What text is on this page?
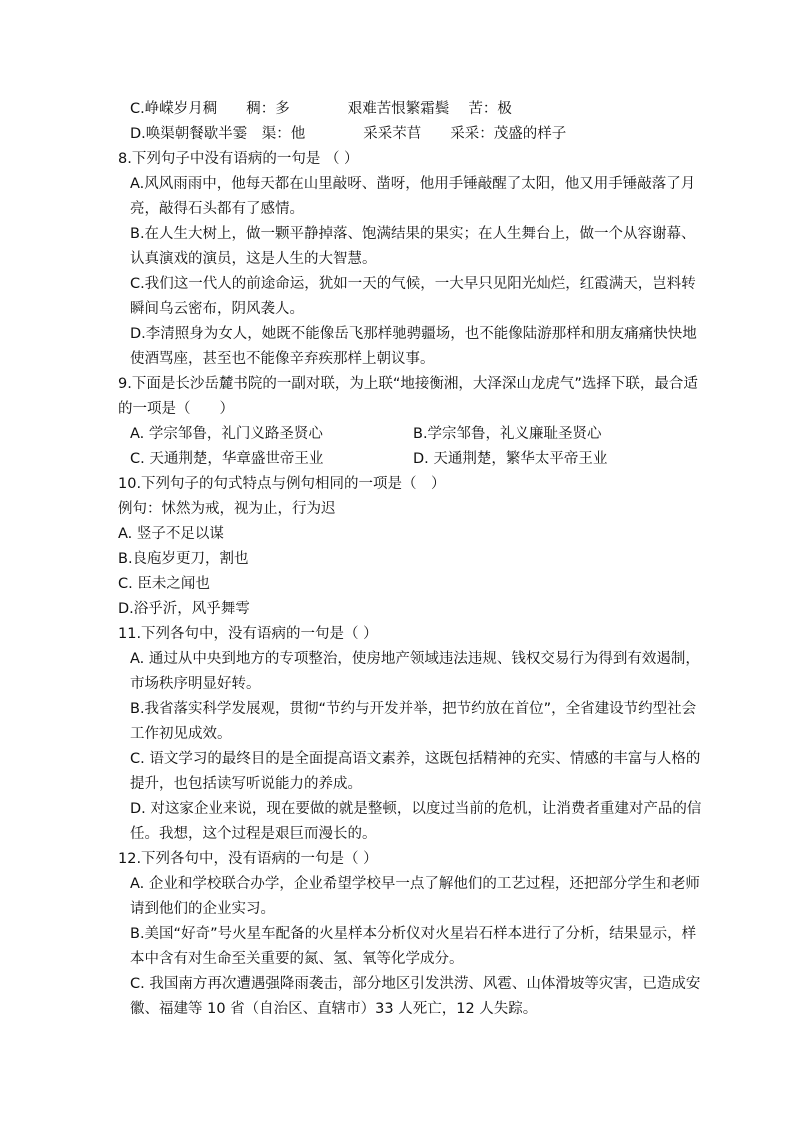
C.峥嵘岁月稠　　稠：多　　　　艰难苦恨繁霜鬓　 苦：极
D.唤渠朝餐歇半霎　渠：他　　　　采采芣苢　　采采：茂盛的样子
8.下列句子中没有语病的一句是 （ ）
A.风风雨雨中，他每天都在山里敲呀、凿呀，他用手锤敲醒了太阳，他又用手锤敲落了月
亮，敲得石头都有了感情。
B.在人生大树上，做一颗平静掉落、饱满结果的果实；在人生舞台上，做一个从容谢幕、
认真演戏的演员，这是人生的大智慧。
C.我们这一代人的前途命运，犹如一天的气候，一大早只见阳光灿烂，红霞满天，岂料转
瞬间乌云密布，阴风袭人。
D.李清照身为女人，她既不能像岳飞那样驰骋疆场，也不能像陆游那样和朋友痛痛快快地
使酒骂座，甚至也不能像辛弃疾那样上朝议事。
9.下面是长沙岳麓书院的一副对联，为上联“地接衡湘，大泽深山龙虎气”选择下联，最合适
的一项是（　　）
A. 学宗邹鲁，礼门义路圣贤心	B.学宗邹鲁，礼义廉耻圣贤心
C. 天通荆楚，华章盛世帝王业	D. 天通荆楚，繁华太平帝王业
10.下列句子的句式特点与例句相同的一项是（　）
例句：怵然为戒，视为止，行为迟
A. 竖子不足以谋
B.良庖岁更刀，割也
C. 臣未之闻也
D.浴乎沂，风乎舞雩
11.下列各句中，没有语病的一句是（ ）
A. 通过从中央到地方的专项整治，使房地产领域违法违规、钱权交易行为得到有效遏制，
市场秩序明显好转。
B.我省落实科学发展观，贯彻“节约与开发并举，把节约放在首位”，全省建设节约型社会
工作初见成效。
C. 语文学习的最终目的是全面提高语文素养，这既包括精神的充实、情感的丰富与人格的
提升，也包括读写听说能力的养成。
D. 对这家企业来说，现在要做的就是整顿，以度过当前的危机，让消费者重建对产品的信
任。我想，这个过程是艰巨而漫长的。
12.下列各句中，没有语病的一句是（ ）
A. 企业和学校联合办学，企业希望学校早一点了解他们的工艺过程，还把部分学生和老师
请到他们的企业实习。
B.美国“好奇”号火星车配备的火星样本分析仪对火星岩石样本进行了分析，结果显示，样
本中含有对生命至关重要的氮、氢、氧等化学成分。
C. 我国南方再次遭遇强降雨袭击，部分地区引发洪涝、风雹、山体滑坡等灾害，已造成安
徽、福建等 10 省（自治区、直辖市）33 人死亡，12 人失踪。
